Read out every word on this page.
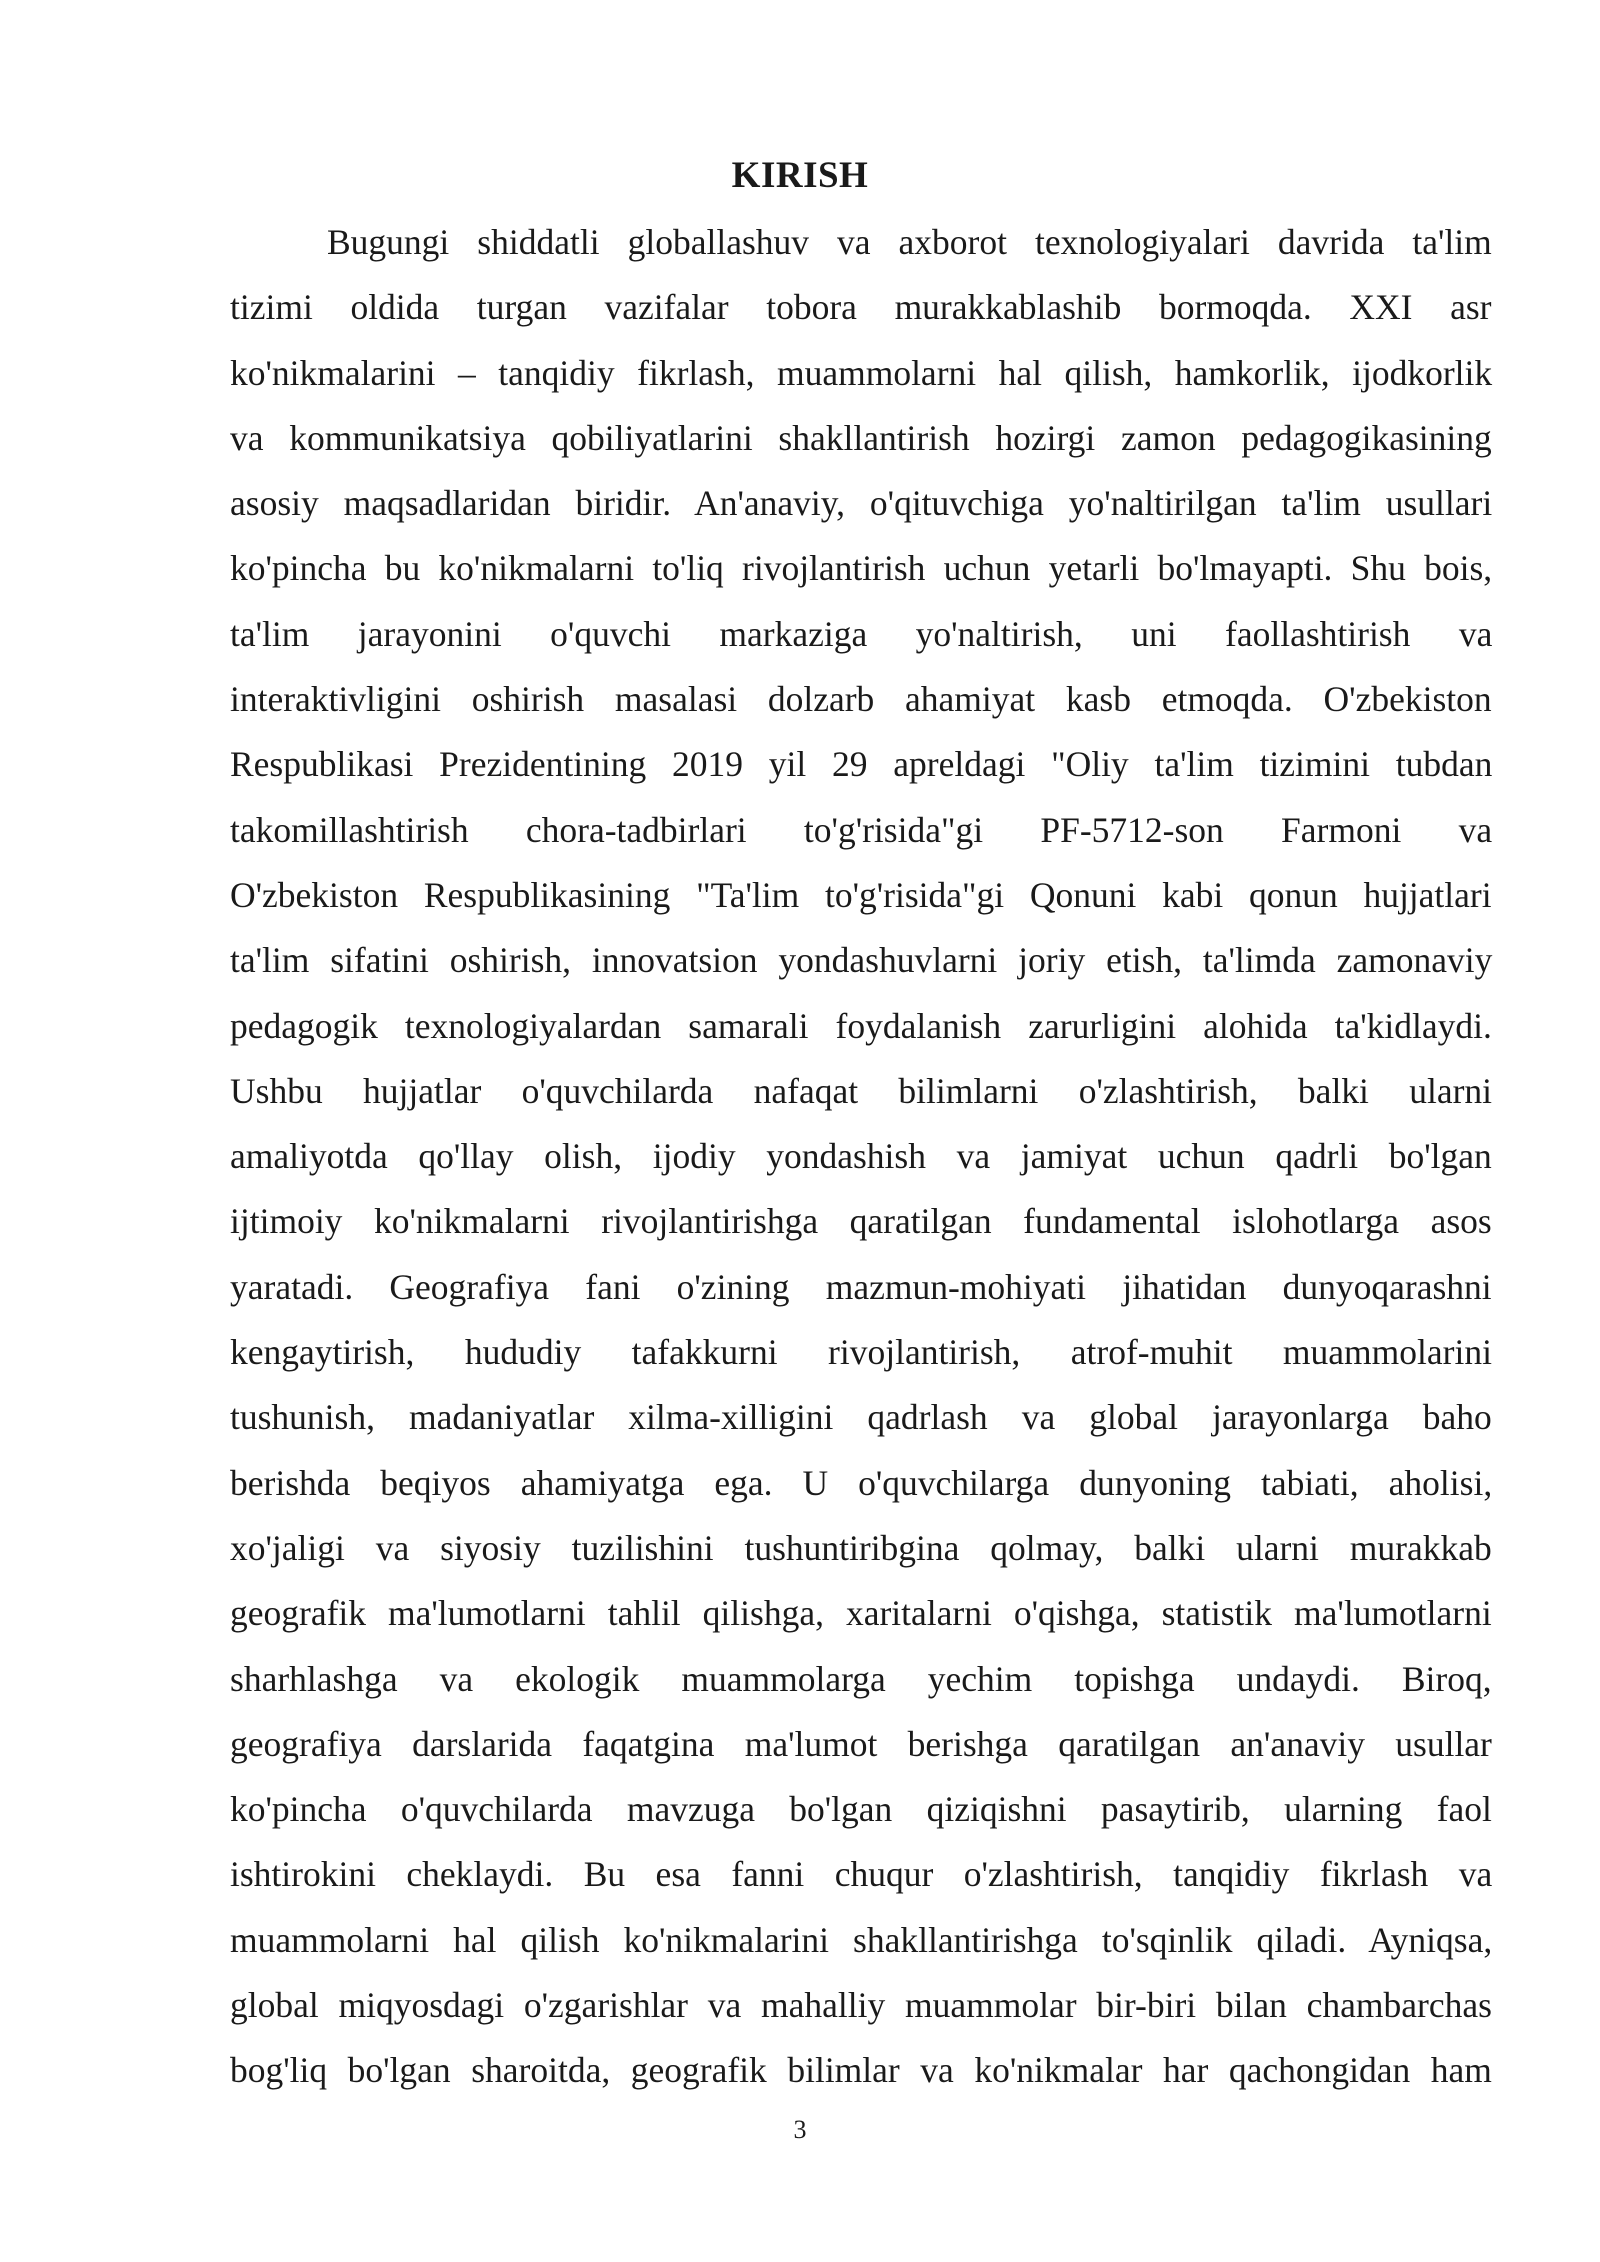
KIRISH
Bugungi shiddatli globallashuv va axborot texnologiyalari davrida ta'lim
tizimi oldida turgan vazifalar tobora murakkablashib bormoqda. XXI asr
ko'nikmalarini – tanqidiy fikrlash, muammolarni hal qilish, hamkorlik, ijodkorlik
va kommunikatsiya qobiliyatlarini shakllantirish hozirgi zamon pedagogikasining
asosiy maqsadlaridan biridir. An'anaviy, o'qituvchiga yo'naltirilgan ta'lim usullari
ko'pincha bu ko'nikmalarni to'liq rivojlantirish uchun yetarli bo'lmayapti. Shu bois,
ta'lim jarayonini o'quvchi markaziga yo'naltirish, uni faollashtirish va
interaktivligini oshirish masalasi dolzarb ahamiyat kasb etmoqda. O'zbekiston
Respublikasi Prezidentining 2019 yil 29 apreldagi "Oliy ta'lim tizimini tubdan
takomillashtirish chora-tadbirlari to'g'risida"gi PF-5712-son Farmoni va
O'zbekiston Respublikasining "Ta'lim to'g'risida"gi Qonuni kabi qonun hujjatlari
ta'lim sifatini oshirish, innovatsion yondashuvlarni joriy etish, ta'limda zamonaviy
pedagogik texnologiyalardan samarali foydalanish zarurligini alohida ta'kidlaydi.
Ushbu hujjatlar o'quvchilarda nafaqat bilimlarni o'zlashtirish, balki ularni
amaliyotda qo'llay olish, ijodiy yondashish va jamiyat uchun qadrli bo'lgan
ijtimoiy ko'nikmalarni rivojlantirishga qaratilgan fundamental islohotlarga asos
yaratadi. Geografiya fani o'zining mazmun-mohiyati jihatidan dunyoqarashni
kengaytirish, hududiy tafakkurni rivojlantirish, atrof-muhit muammolarini
tushunish, madaniyatlar xilma-xilligini qadrlash va global jarayonlarga baho
berishda beqiyos ahamiyatga ega. U o'quvchilarga dunyoning tabiati, aholisi,
xo'jaligi va siyosiy tuzilishini tushuntiribgina qolmay, balki ularni murakkab
geografik ma'lumotlarni tahlil qilishga, xaritalarni o'qishga, statistik ma'lumotlarni
sharhlashga va ekologik muammolarga yechim topishga undaydi. Biroq,
geografiya darslarida faqatgina ma'lumot berishga qaratilgan an'anaviy usullar
ko'pincha o'quvchilarda mavzuga bo'lgan qiziqishni pasaytirib, ularning faol
ishtirokini cheklaydi. Bu esa fanni chuqur o'zlashtirish, tanqidiy fikrlash va
muammolarni hal qilish ko'nikmalarini shakllantirishga to'sqinlik qiladi. Ayniqsa,
global miqyosdagi o'zgarishlar va mahalliy muammolar bir-biri bilan chambarchas
bog'liq bo'lgan sharoitda, geografik bilimlar va ko'nikmalar har qachongidan ham
3
